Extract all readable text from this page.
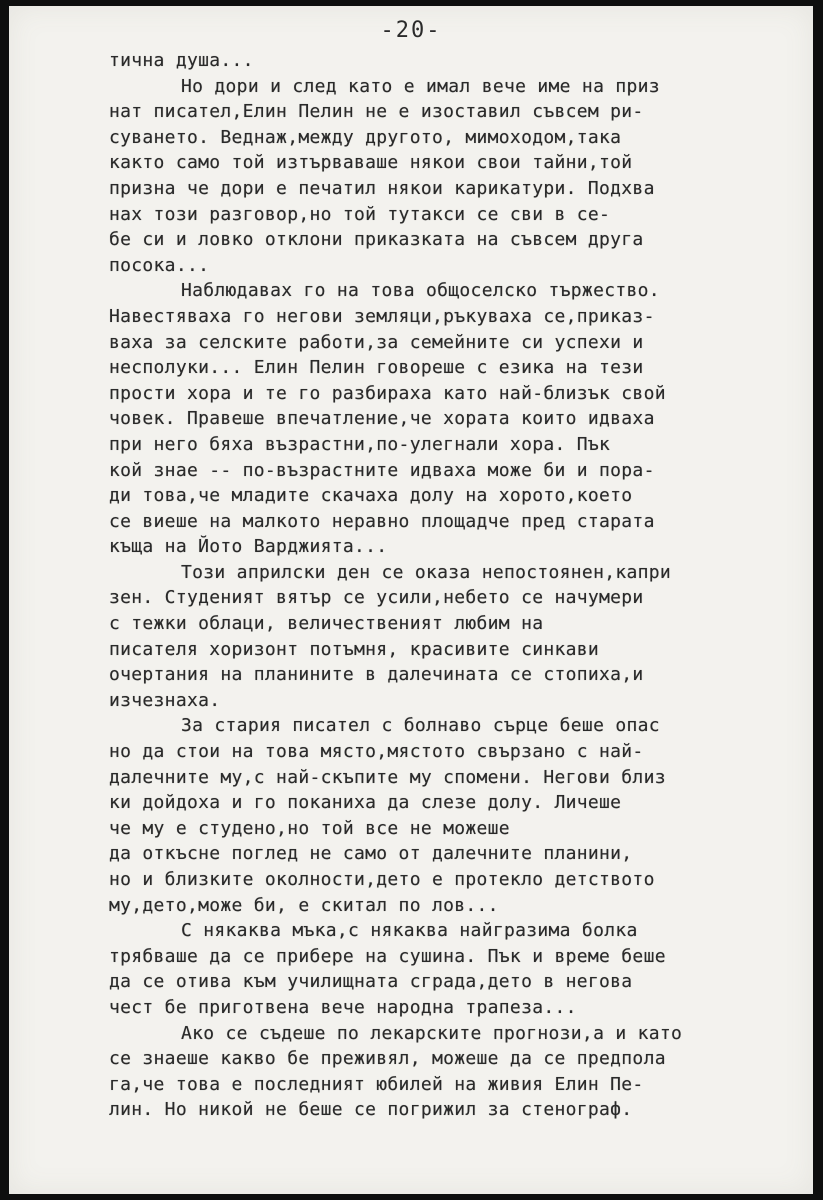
-20-
тична душа...
Но дори и след като е имал вече име на приз
нат писател,Елин Пелин не е изоставил съвсем ри-
суването. Веднаж,между другото, мимоходом,така
както само той изтърваваше някои свои тайни,той
призна че дори е печатил някои карикатури. Подхва
нах този разговор,но той тутакси се сви в се-
бе си и ловко отклони приказката на съвсем друга
посока...
Наблюдавах го на това общоселско тържество.
Навестяваха го негови земляци,ръкуваха се,приказ-
ваха за селските работи,за семейните си успехи и
несполуки... Елин Пелин говореше с езика на тези
прости хора и те го разбираха като най-близък свой
човек. Правеше впечатление,че хората които идваха
при него бяха възрастни,по-улегнали хора. Пък
кой знае -- по-възрастните идваха може би и пора-
ди това,че младите скачаха долу на хорото,което
се виеше на малкото неравно площадче пред старата
къща на Йото Варджията...
Този априлски ден се оказа непостоянен,капри
зен. Студеният вятър се усили,небето се начумери
с тежки облаци, величественият любим на
писателя хоризонт потъмня, красивите синкави
очертания на планините в далечината се стопиха,и
изчезнаха.
За стария писател с болнаво сърце беше опас
но да стои на това място,мястото свързано с най-
далечните му,с най-скъпите му спомени. Негови близ
ки дойдоха и го поканиха да слезе долу. Личеше
че му е студено,но той все не можеше
да откъсне поглед не само от далечните планини,
но и близките околности,дето е протекло детството
му,дето,може би, е скитал по лов...
С някаква мъка,с някаква найгразима болка
трябваше да се прибере на сушина. Пък и време беше
да се отива към училищната сграда,дето в негова
чест бе приготвена вече народна трапеза...
Ако се съдеше по лекарските прогнози,а и като
се знаеше какво бе преживял, можеше да се предпола
га,че това е последният юбилей на живия Елин Пе-
лин. Но никой не беше се погрижил за стенограф.
